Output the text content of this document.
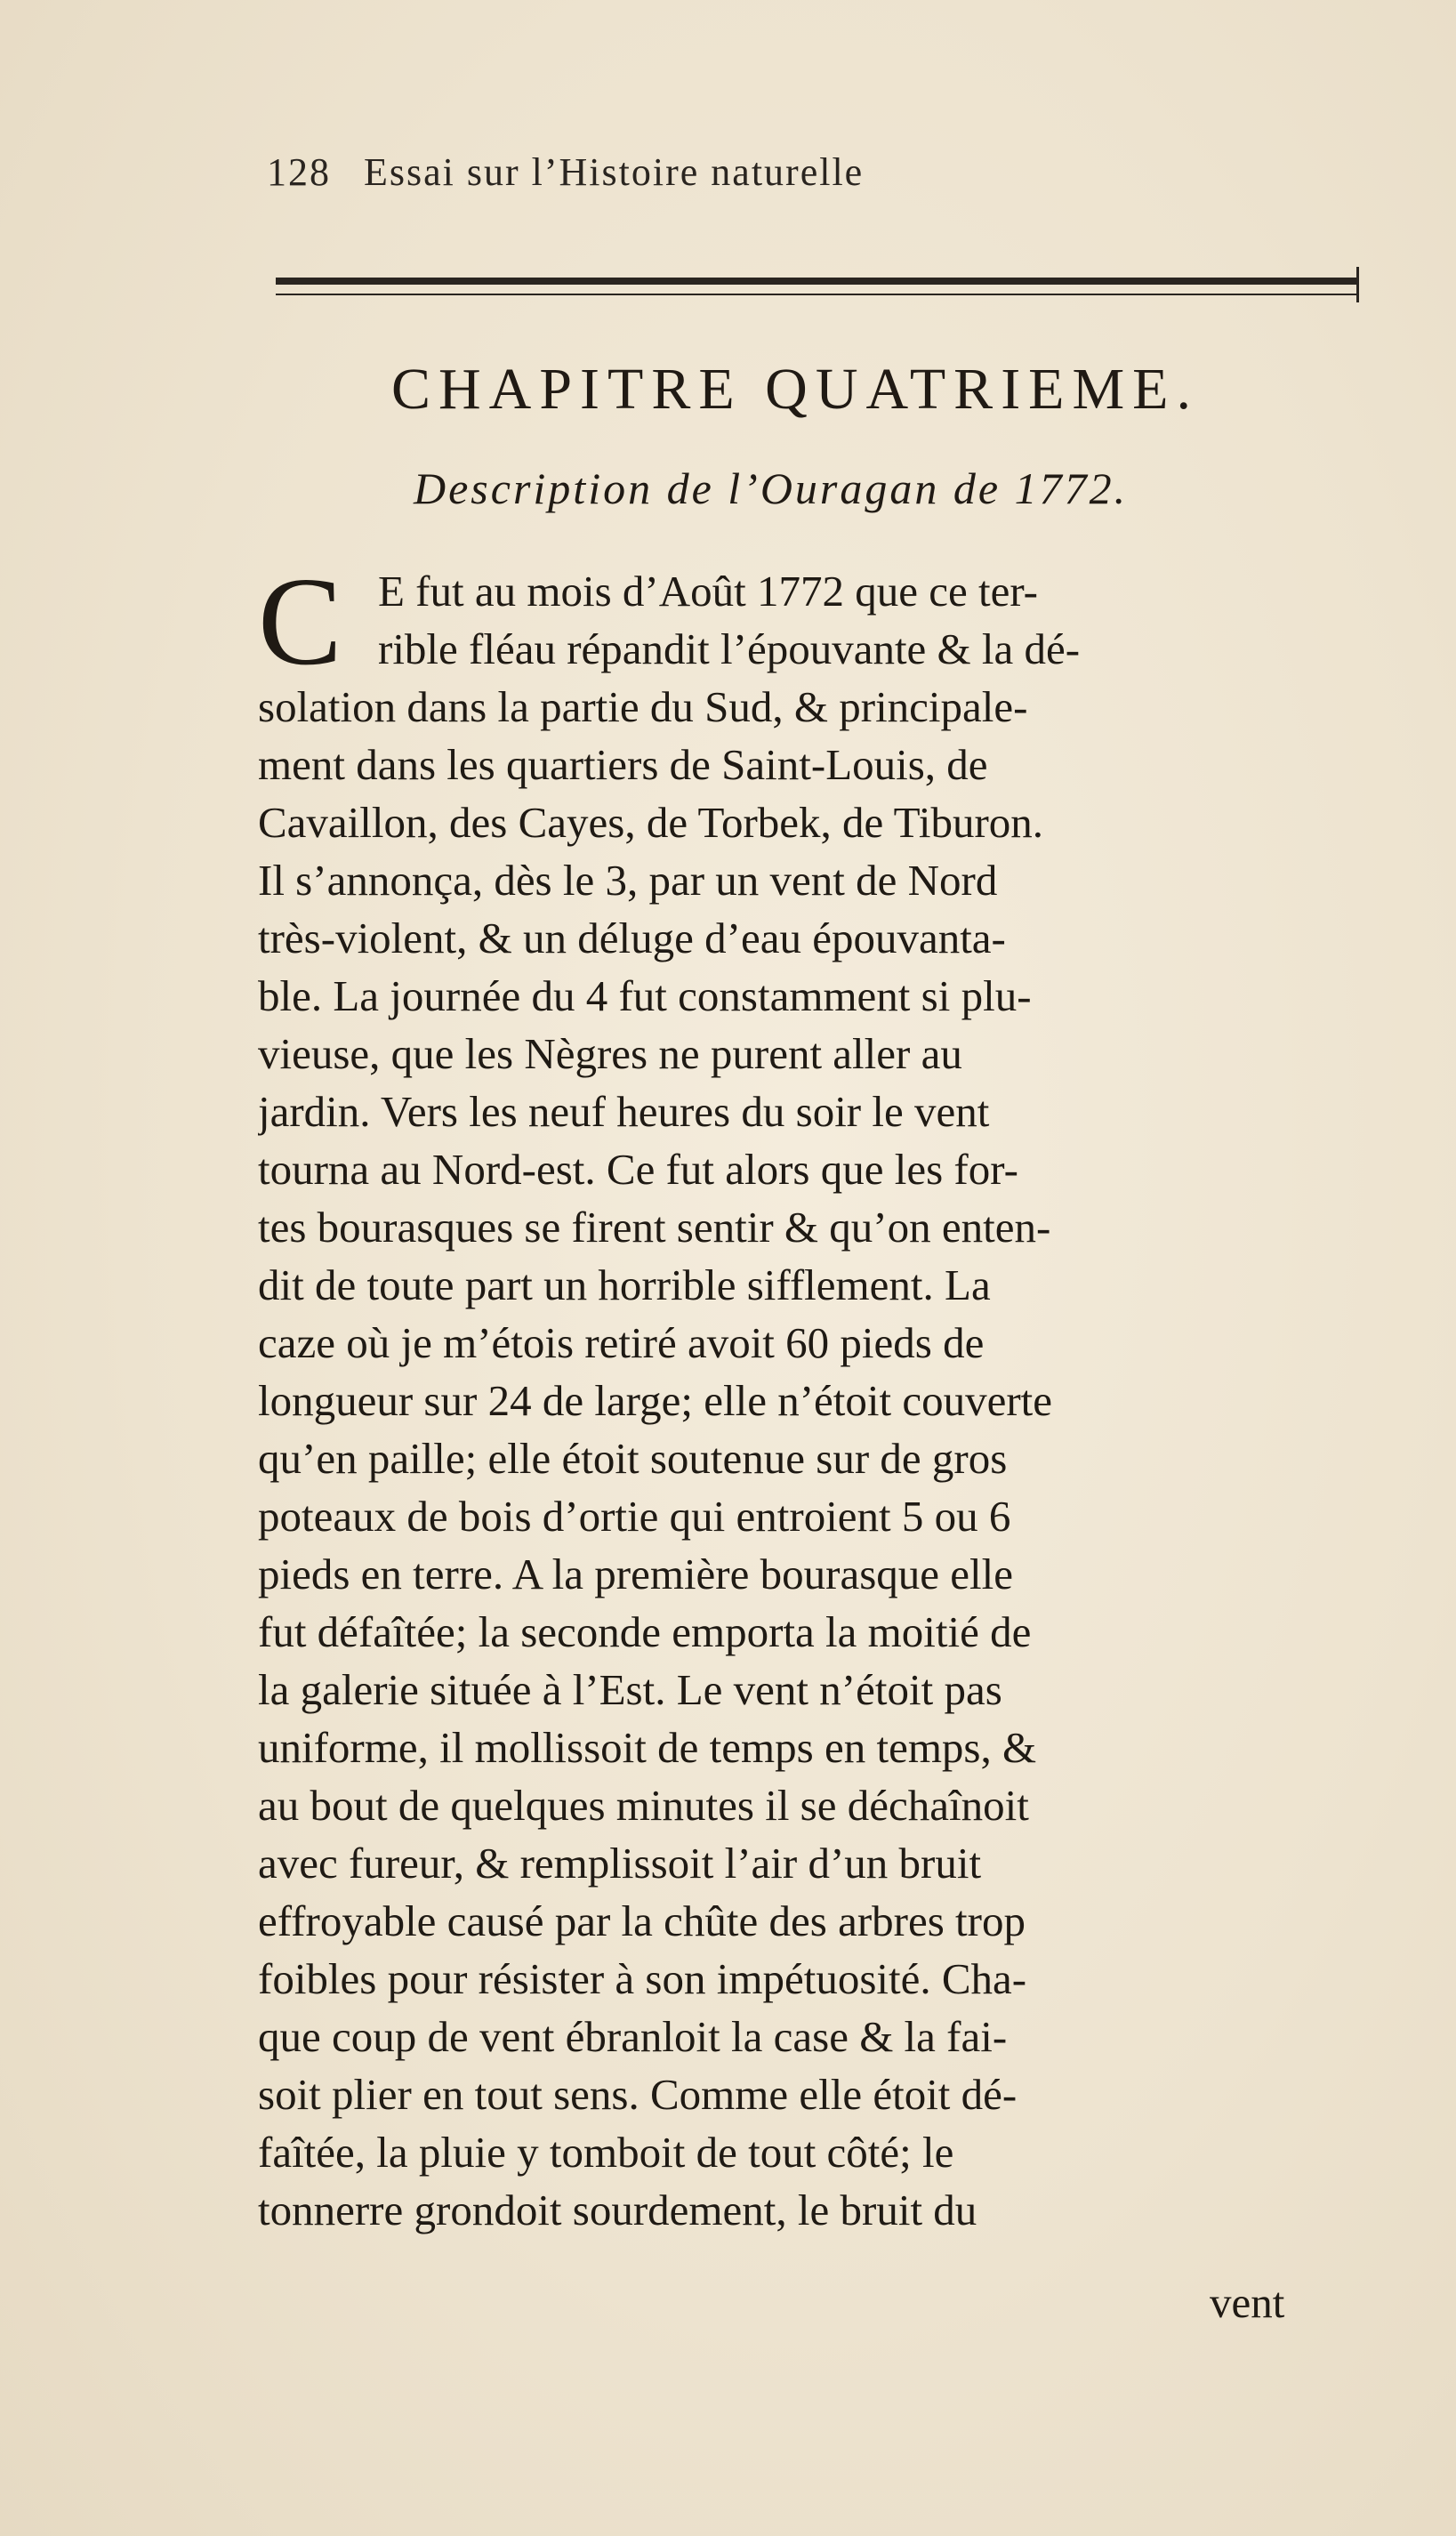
128 Essai sur l’Histoire naturelle
CHAPITRE QUATRIEME.
Description de l’Ouragan de 1772.
C E fut au mois d’Août 1772 que ce ter-
rible fléau répandit l’épouvante & la dé-
solation dans la partie du Sud, & principale-
ment dans les quartiers de Saint-Louis, de
Cavaillon, des Cayes, de Torbek, de Tiburon.
Il s’annonça, dès le 3, par un vent de Nord
très-violent, & un déluge d’eau épouvanta-
ble. La journée du 4 fut constamment si plu-
vieuse, que les Nègres ne purent aller au
jardin. Vers les neuf heures du soir le vent
tourna au Nord-est. Ce fut alors que les for-
tes bourasques se firent sentir & qu’on enten-
dit de toute part un horrible sifflement. La
caze où je m’étois retiré avoit 60 pieds de
longueur sur 24 de large; elle n’étoit couverte
qu’en paille; elle étoit soutenue sur de gros
poteaux de bois d’ortie qui entroient 5 ou 6
pieds en terre. A la première bourasque elle
fut défaîtée; la seconde emporta la moitié de
la galerie située à l’Est. Le vent n’étoit pas
uniforme, il mollissoit de temps en temps, &
au bout de quelques minutes il se déchaînoit
avec fureur, & remplissoit l’air d’un bruit
effroyable causé par la chûte des arbres trop
foibles pour résister à son impétuosité. Cha-
que coup de vent ébranloit la case & la fai-
soit plier en tout sens. Comme elle étoit dé-
faîtée, la pluie y tomboit de tout côté; le
tonnerre grondoit sourdement, le bruit du
vent
